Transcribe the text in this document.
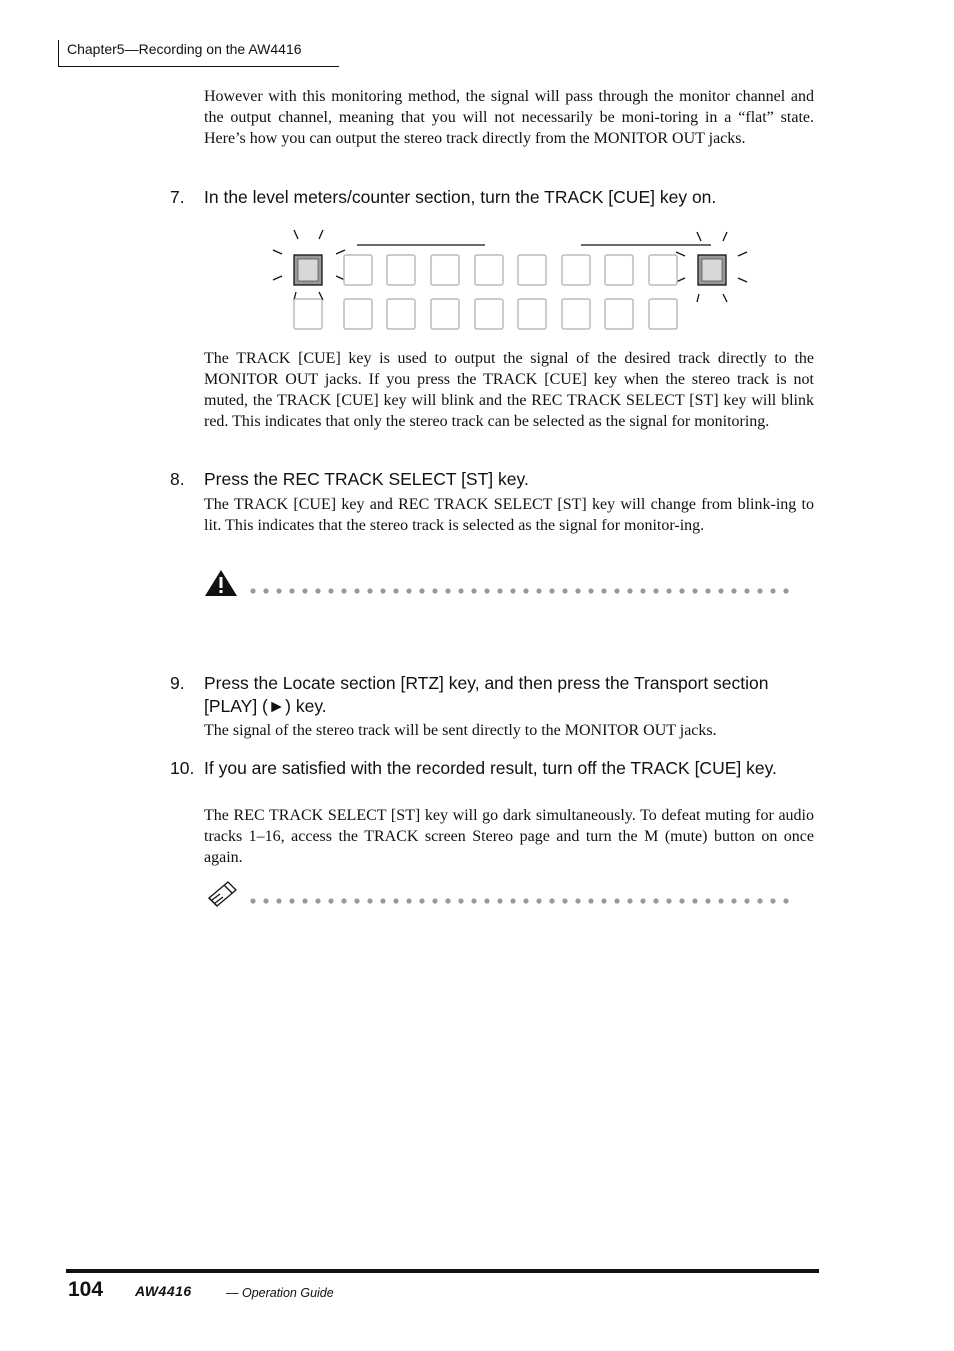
Chapter5—Recording on the AW4416
However with this monitoring method, the signal will pass through the monitor channel and the output channel, meaning that you will not necessarily be moni-toring in a “flat” state. Here’s how you can output the stereo track directly from the MONITOR OUT jacks.
7. In the level meters/counter section, turn the TRACK [CUE] key on.
The TRACK [CUE] key is used to output the signal of the desired track directly to the MONITOR OUT jacks. If you press the TRACK [CUE] key when the stereo track is not muted, the TRACK [CUE] key will blink and the REC TRACK SELECT [ST] key will blink red. This indicates that only the stereo track can be selected as the signal for monitoring.
8. Press the REC TRACK SELECT [ST] key.
The TRACK [CUE] key and REC TRACK SELECT [ST] key will change from blink-ing to lit. This indicates that the stereo track is selected as the signal for monitor-ing.
9. Press the Locate section [RTZ] key, and then press the Transport section [PLAY] (►) key.
The signal of the stereo track will be sent directly to the MONITOR OUT jacks.
10. If you are satisfied with the recorded result, turn off the TRACK [CUE] key.
The REC TRACK SELECT [ST] key will go dark simultaneously. To defeat muting for audio tracks 1–16, access the TRACK screen Stereo page and turn the M (mute) button on once again.
104 AW4416	— Operation Guide
